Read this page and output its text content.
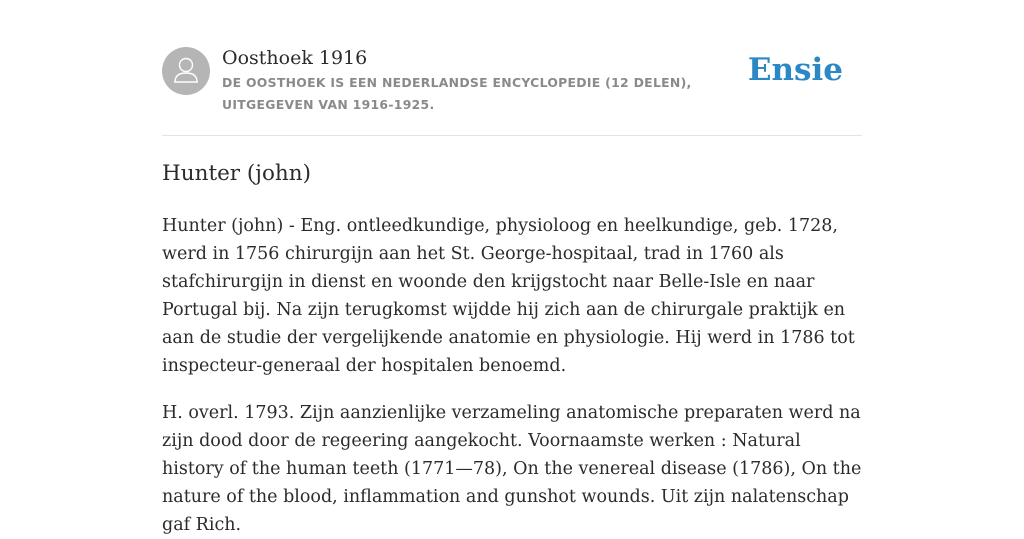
Oosthoek 1916
DE OOSTHOEK IS EEN NEDERLANDSE ENCYCLOPEDIE (12 DELEN), UITGEGEVEN VAN 1916-1925.
Ensie
Hunter (john)

Hunter (john) - Eng. ontleedkundige, physioloog en heelkundige, geb. 1728, werd in 1756 chirurgijn aan het St. George-hospitaal, trad in 1760 als stafchirurgijn in dienst en woonde den krijgstocht naar Belle-Isle en naar Portugal bij. Na zijn terugkomst wijdde hij zich aan de chirurgale praktijk en aan de studie der vergelijkende anatomie en physiologie. Hij werd in 1786 tot inspecteur-generaal der hospitalen benoemd.

H. overl. 1793. Zijn aanzienlijke verzameling anatomische preparaten werd na zijn dood door de regeering aangekocht. Voornaamste werken : Natural history of the human teeth (1771—78), On the venereal disease (1786), On the nature of the blood, inflammation and gunshot wounds. Uit zijn nalatenschap gaf Rich.
